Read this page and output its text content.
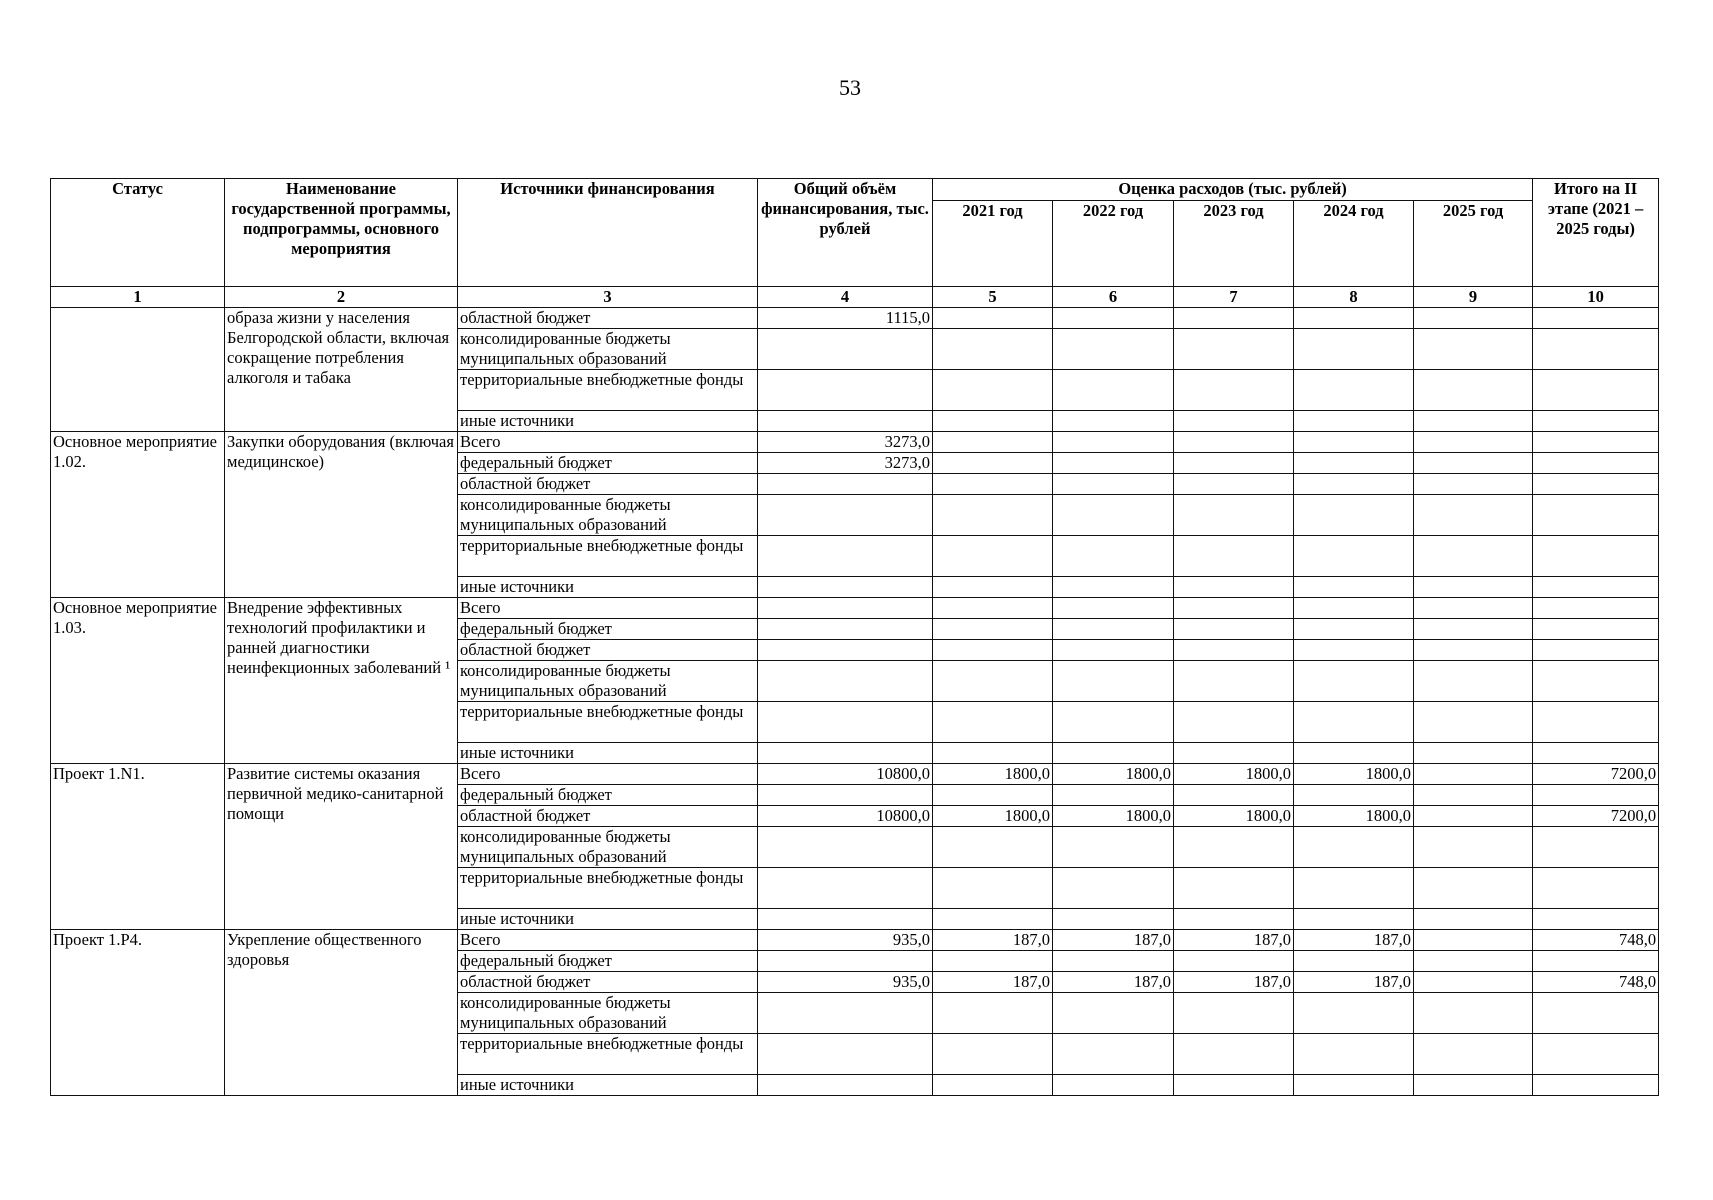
53
Статус	Наименование государственной программы, подпрограммы, основного мероприятия	Источники финансирования	Общий объём финансирования, тыс. рублей	Оценка расходов (тыс. рублей)					Итого на II этапе (2021 – 2025 годы)
				2021 год	2022 год	2023 год	2024 год	2025 год	
1	2	3	4	5	6	7	8	9	10
	образа жизни у населения Белгородской области, включая сокращение потребления алкоголя и табака	областной бюджет	1115,0						
		консолидированные бюджеты муниципальных образований							
		территориальные внебюджетные фонды							
		иные источники							
Основное мероприятие 1.02.	Закупки оборудования (включая медицинское)	Всего	3273,0						
		федеральный бюджет	3273,0						
		областной бюджет							
		консолидированные бюджеты муниципальных образований							
		территориальные внебюджетные фонды							
		иные источники							
Основное мероприятие 1.03.	Внедрение эффективных технологий профилактики и ранней диагностики неинфекционных заболеваний ¹	Всего							
		федеральный бюджет							
		областной бюджет							
		консолидированные бюджеты муниципальных образований							
		территориальные внебюджетные фонды							
		иные источники							
Проект 1.N1.	Развитие системы оказания первичной медико-санитарной помощи	Всего	10800,0	1800,0	1800,0	1800,0	1800,0		7200,0
		федеральный бюджет							
		областной бюджет	10800,0	1800,0	1800,0	1800,0	1800,0		7200,0
		консолидированные бюджеты муниципальных образований							
		территориальные внебюджетные фонды							
		иные источники							
Проект 1.P4.	Укрепление общественного здоровья	Всего	935,0	187,0	187,0	187,0	187,0		748,0
		федеральный бюджет							
		областной бюджет	935,0	187,0	187,0	187,0	187,0		748,0
		консолидированные бюджеты муниципальных образований							
		территориальные внебюджетные фонды							
		иные источники							
